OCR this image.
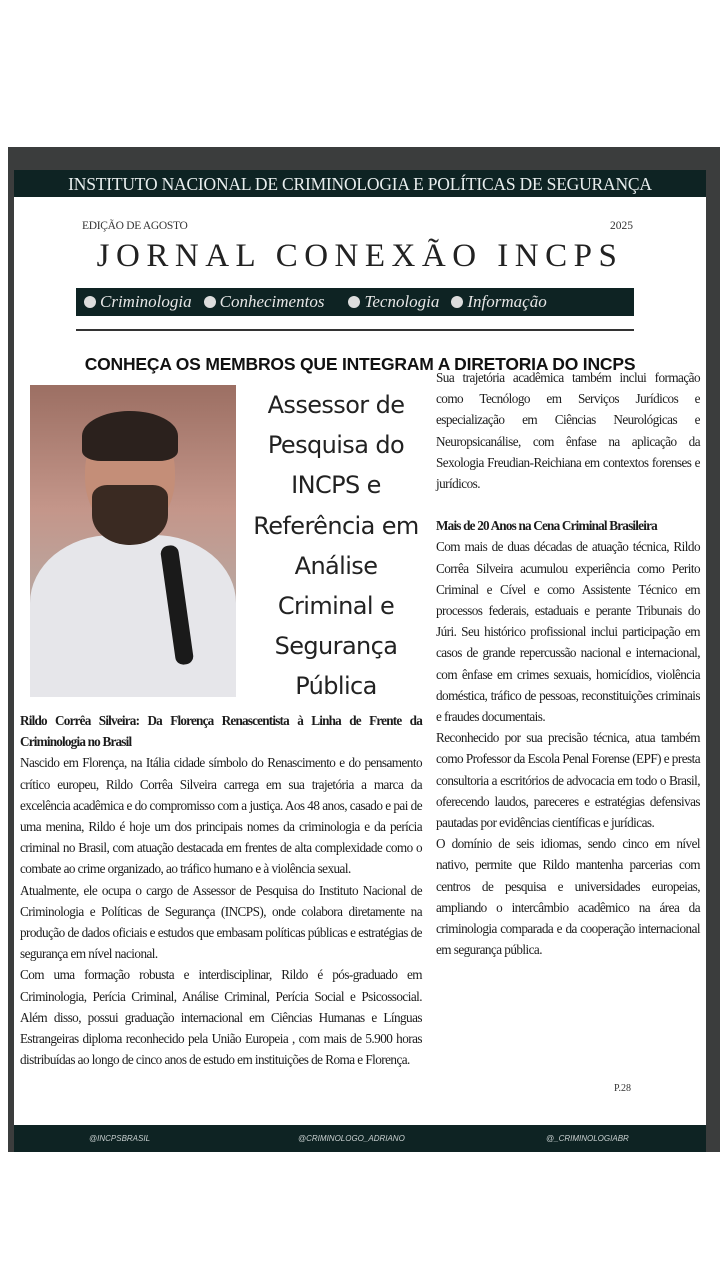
INSTITUTO NACIONAL DE CRIMINOLOGIA E POLÍTICAS DE SEGURANÇA
EDIÇÃO DE AGOSTO	2025
JORNAL CONEXÃO INCPS
Criminologia	Conhecimentos	Tecnologia	Informação
CONHEÇA OS MEMBROS QUE INTEGRAM A DIRETORIA DO INCPS
Assessor de Pesquisa do INCPS e Referência em Análise Criminal e Segurança Pública
Rildo Corrêa Silveira: Da Florença Renascentista à Linha de Frente da Criminologia no Brasil

Nascido em Florença, na Itália cidade símbolo do Renascimento e do pensamento crítico europeu, Rildo Corrêa Silveira carrega em sua trajetória a marca da excelência acadêmica e do compromisso com a justiça. Aos 48 anos, casado e pai de uma menina, Rildo é hoje um dos principais nomes da criminologia e da perícia criminal no Brasil, com atuação destacada em frentes de alta complexidade como o combate ao crime organizado, ao tráfico humano e à violência sexual.

Atualmente, ele ocupa o cargo de Assessor de Pesquisa do Instituto Nacional de Criminologia e Políticas de Segurança (INCPS), onde colabora diretamente na produção de dados oficiais e estudos que embasam políticas públicas e estratégias de segurança em nível nacional.

Com uma formação robusta e interdisciplinar, Rildo é pós-graduado em Criminologia, Perícia Criminal, Análise Criminal, Perícia Social e Psicossocial. Além disso, possui graduação internacional em Ciências Humanas e Línguas Estrangeiras diploma reconhecido pela União Europeia , com mais de 5.900 horas distribuídas ao longo de cinco anos de estudo em instituições de Roma e Florença.

Sua trajetória acadêmica também inclui formação como Tecnólogo em Serviços Jurídicos e especialização em Ciências Neurológicas e Neuropsicanálise, com ênfase na aplicação da Sexologia Freudian-Reichiana em contextos forenses e jurídicos.

Mais de 20 Anos na Cena Criminal Brasileira

Com mais de duas décadas de atuação técnica, Rildo Corrêa Silveira acumulou experiência como Perito Criminal e Cível e como Assistente Técnico em processos federais, estaduais e perante Tribunais do Júri. Seu histórico profissional inclui participação em casos de grande repercussão nacional e internacional, com ênfase em crimes sexuais, homicídios, violência doméstica, tráfico de pessoas, reconstituições criminais e fraudes documentais.

Reconhecido por sua precisão técnica, atua também como Professor da Escola Penal Forense (EPF) e presta consultoria a escritórios de advocacia em todo o Brasil, oferecendo laudos, pareceres e estratégias defensivas pautadas por evidências científicas e jurídicas.

O domínio de seis idiomas, sendo cinco em nível nativo, permite que Rildo mantenha parcerias com centros de pesquisa e universidades europeias, ampliando o intercâmbio acadêmico na área da criminologia comparada e da cooperação internacional em segurança pública.

P.28
@INCPSBRASIL	@CRIMINOLOGO_ADRIANO	@_CRIMINOLOGIABR
